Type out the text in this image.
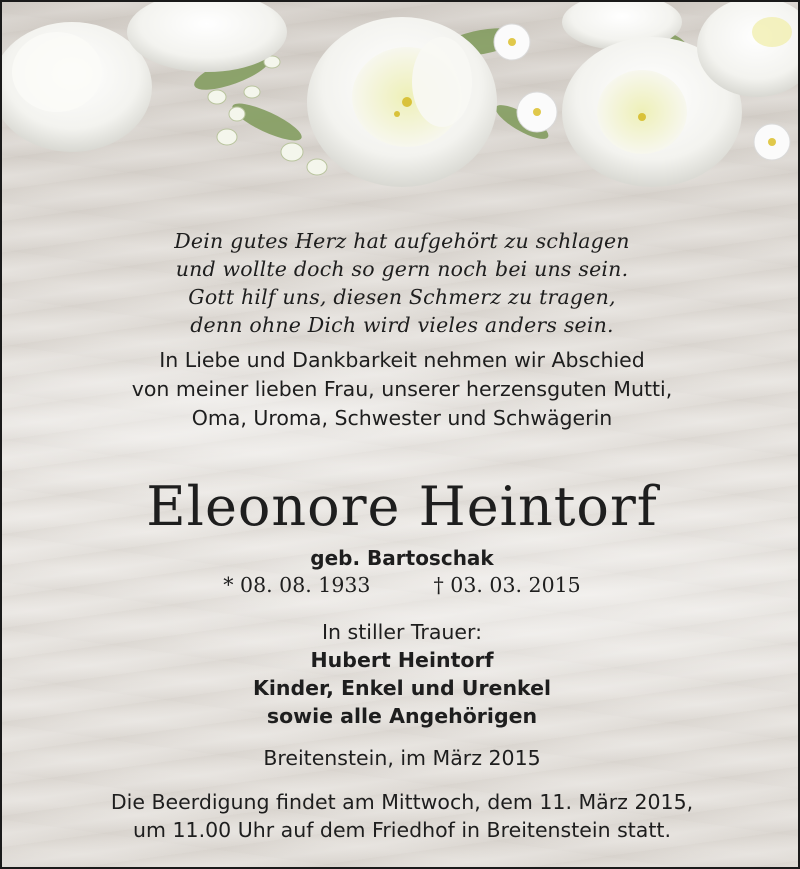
Dein gutes Herz hat aufgehört zu schlagen
und wollte doch so gern noch bei uns sein.
Gott hilf uns, diesen Schmerz zu tragen,
denn ohne Dich wird vieles anders sein.
In Liebe und Dankbarkeit nehmen wir Abschied
von meiner lieben Frau, unserer herzensguten Mutti,
Oma, Uroma, Schwester und Schwägerin
Eleonore Heintorf
geb. Bartoschak
* 08. 08. 1933	† 03. 03. 2015
In stiller Trauer:
Hubert Heintorf
Kinder, Enkel und Urenkel
sowie alle Angehörigen
Breitenstein, im März 2015
Die Beerdigung findet am Mittwoch, dem 11. März 2015,
um 11.00 Uhr auf dem Friedhof in Breitenstein statt.
